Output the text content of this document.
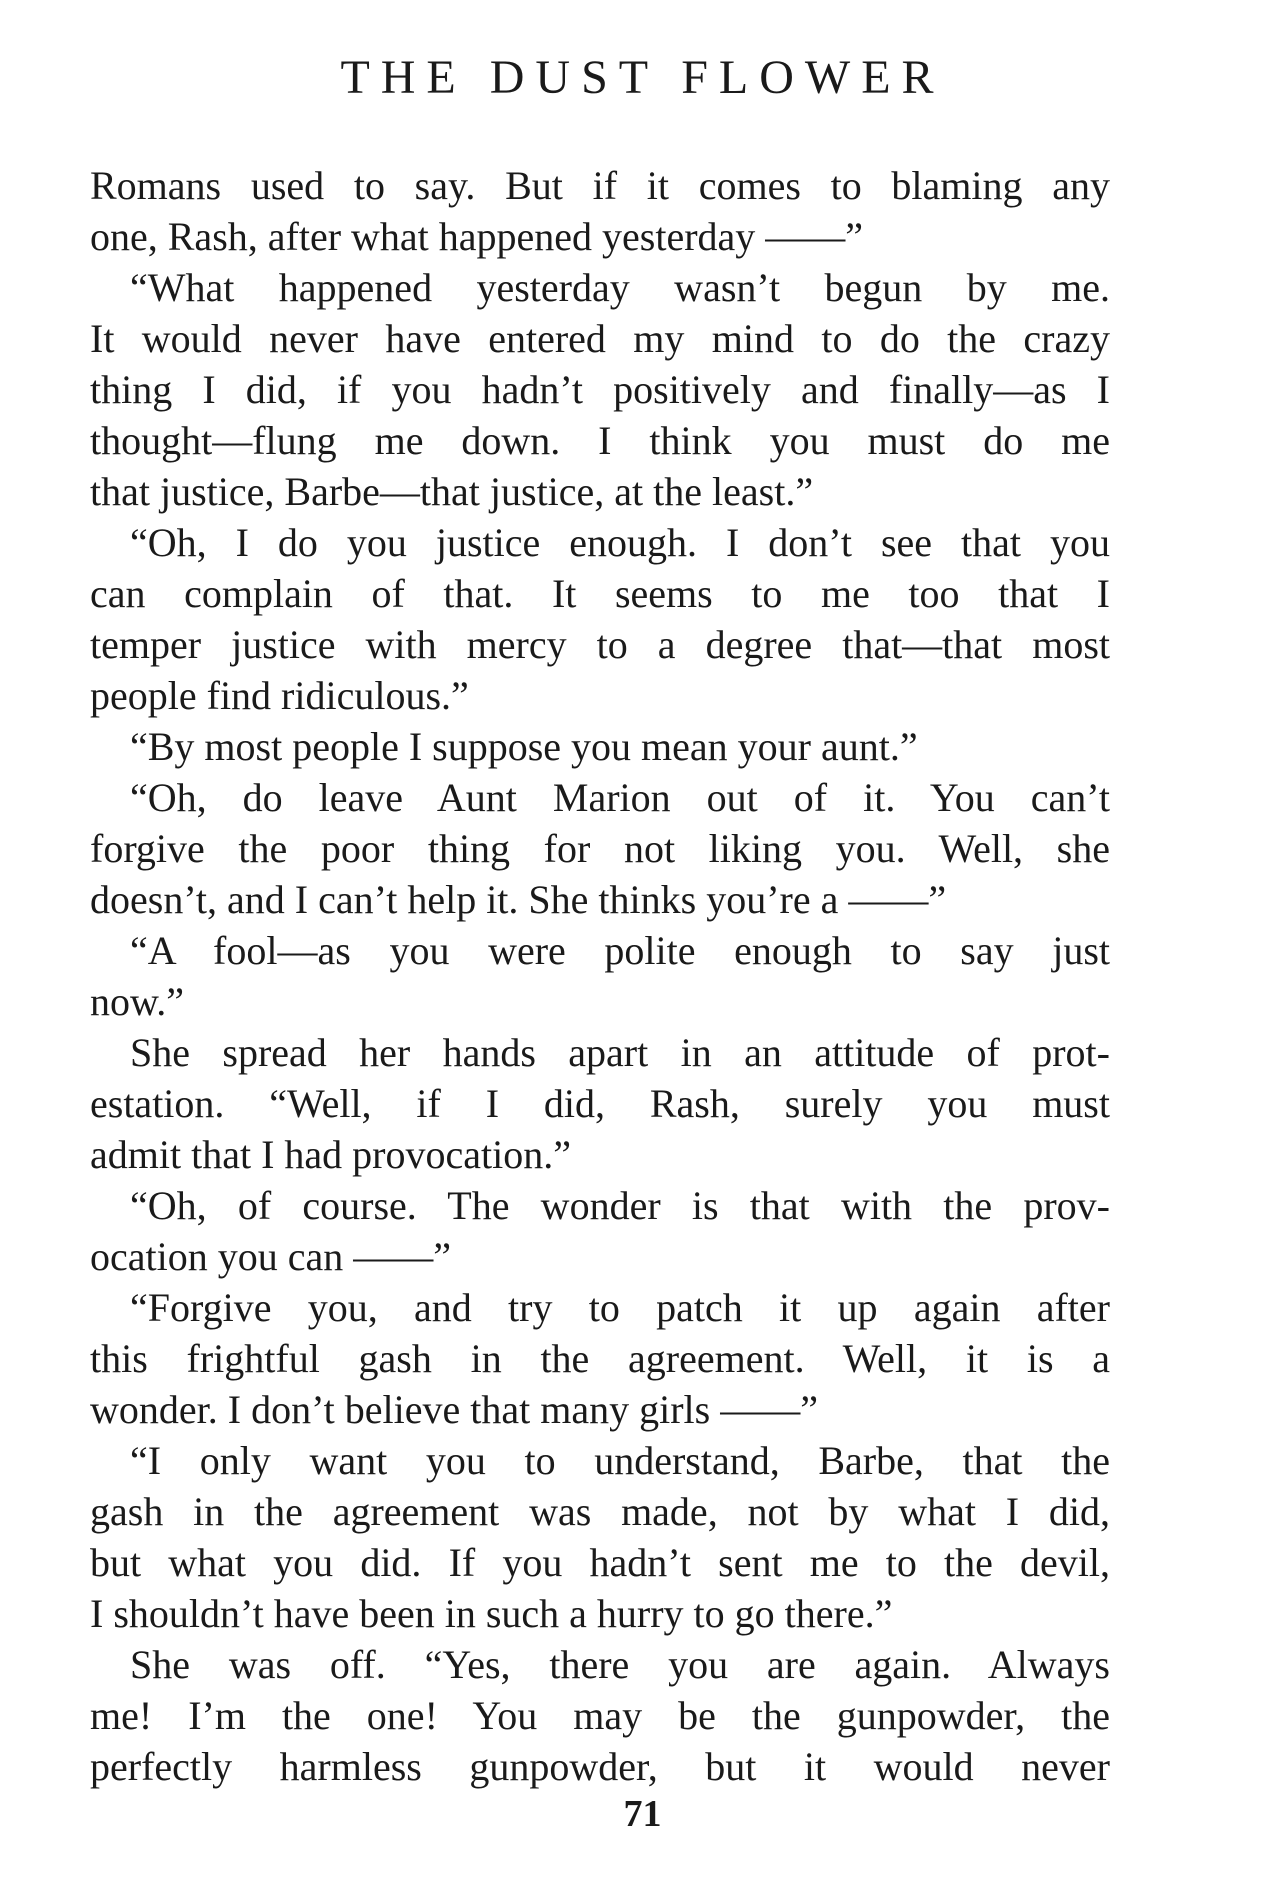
THE DUST FLOWER
Romans used to say. But if it comes to blaming any
one, Rash, after what happened yesterday ——”
“What happened yesterday wasn’t begun by me.
It would never have entered my mind to do the crazy
thing I did, if you hadn’t positively and finally—as I
thought—flung me down. I think you must do me
that justice, Barbe—that justice, at the least.”
“Oh, I do you justice enough. I don’t see that you
can complain of that. It seems to me too that I
temper justice with mercy to a degree that—that most
people find ridiculous.”
“By most people I suppose you mean your aunt.”
“Oh, do leave Aunt Marion out of it. You can’t
forgive the poor thing for not liking you. Well, she
doesn’t, and I can’t help it. She thinks you’re a ——”
“A fool—as you were polite enough to say just
now.”
She spread her hands apart in an attitude of prot-
estation. “Well, if I did, Rash, surely you must
admit that I had provocation.”
“Oh, of course. The wonder is that with the prov-
ocation you can ——”
“Forgive you, and try to patch it up again after
this frightful gash in the agreement. Well, it is a
wonder. I don’t believe that many girls ——”
“I only want you to understand, Barbe, that the
gash in the agreement was made, not by what I did,
but what you did. If you hadn’t sent me to the devil,
I shouldn’t have been in such a hurry to go there.”
She was off. “Yes, there you are again. Always
me! I’m the one! You may be the gunpowder, the
perfectly harmless gunpowder, but it would never
71
